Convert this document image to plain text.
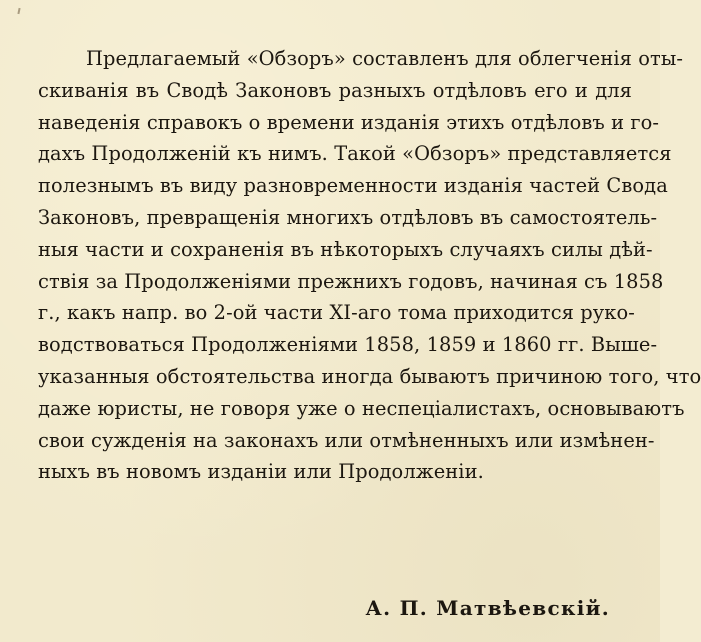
Предлагаемый «Обзоръ» составленъ для облегченія оты-
скиванія въ Сводѣ Законовъ разныхъ отдѣловъ его и для
наведенія справокъ о времени изданія этихъ отдѣловъ и го-
дахъ Продолженій къ нимъ. Такой «Обзоръ» представляется
полезнымъ въ виду разновременности изданія частей Свода
Законовъ, превращенія многихъ отдѣловъ въ самостоятель-
ныя части и сохраненія въ нѣкоторыхъ случаяхъ силы дѣй-
ствія за Продолженіями прежнихъ годовъ, начиная съ 1858
г., какъ напр. во 2-ой части XI-аго тома приходится руко-
водствоваться Продолженіями 1858, 1859 и 1860 гг. Выше-
указанныя обстоятельства иногда бываютъ причиною того, что
даже юристы, не говоря уже о неспеціалистахъ, основываютъ
свои сужденія на законахъ или отмѣненныхъ или измѣнен-
ныхъ въ новомъ изданіи или Продолженіи.
А. П. Матвѣевскій.
